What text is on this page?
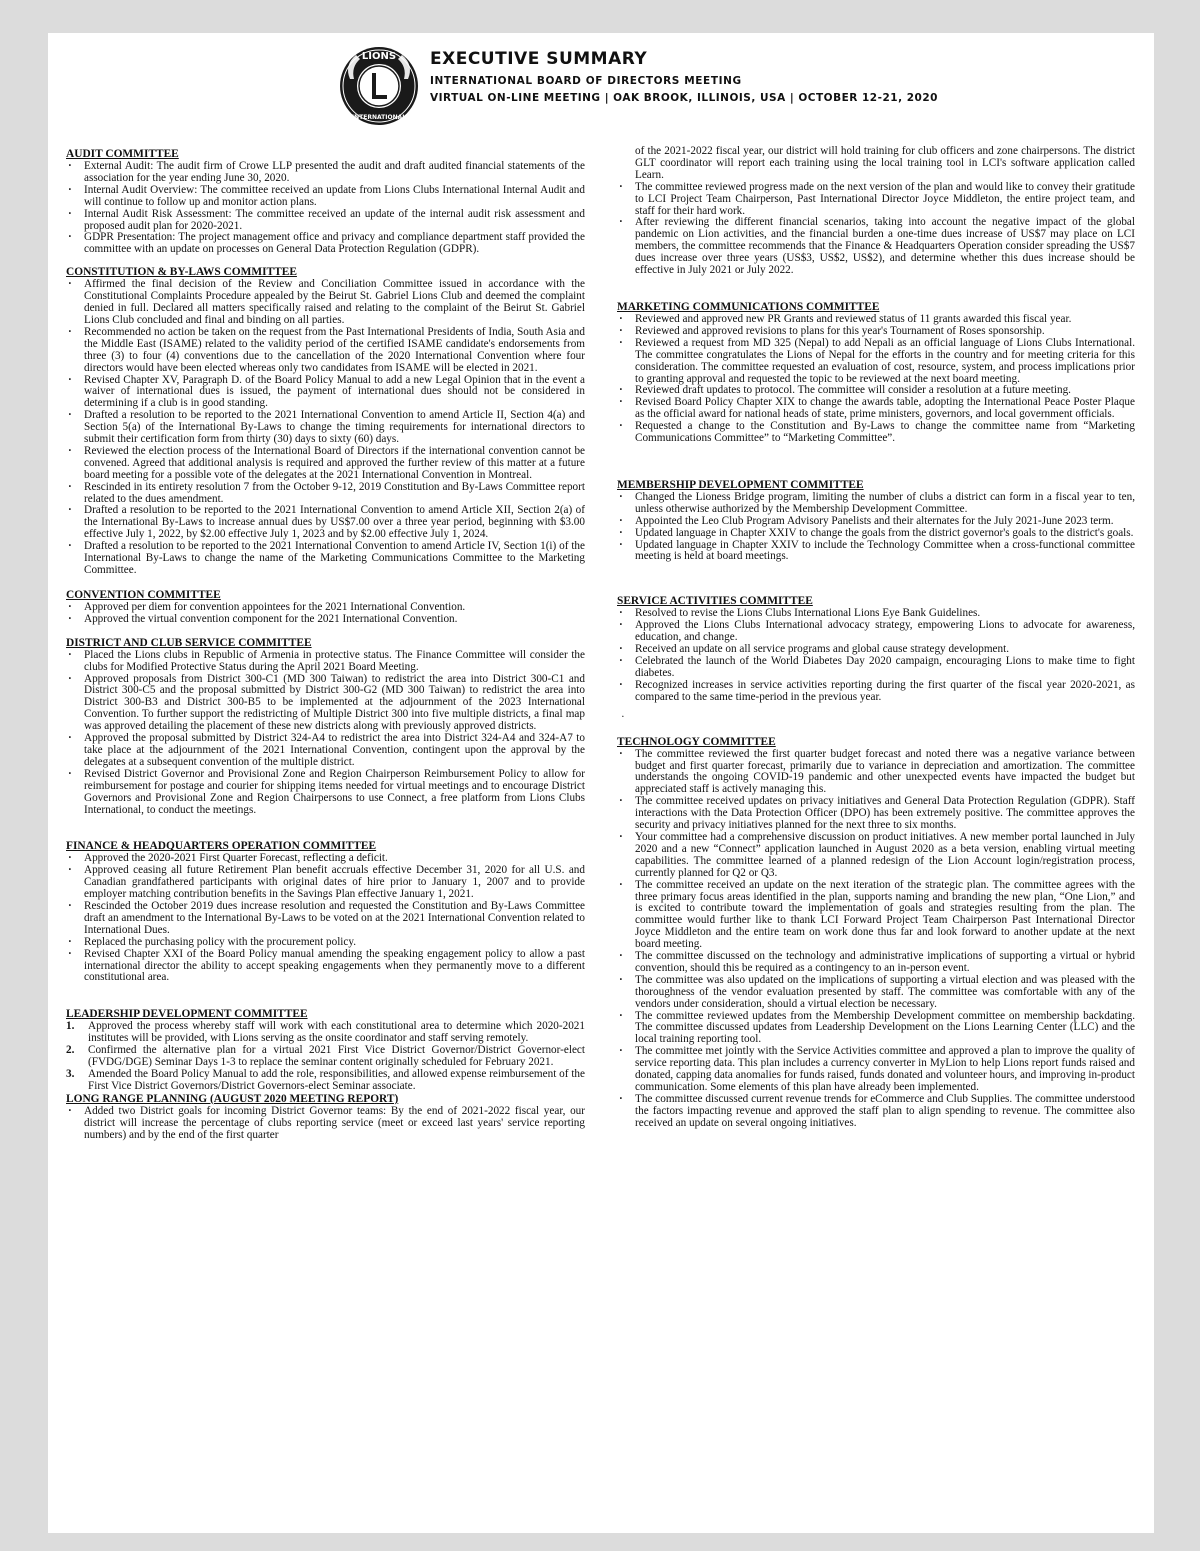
LIONS
INTERNATIONAL
EXECUTIVE SUMMARY
INTERNATIONAL BOARD OF DIRECTORS MEETING
VIRTUAL ON-LINE MEETING | OAK BROOK, ILLINOIS, USA | OCTOBER 12-21, 2020
AUDIT COMMITTEE
· External Audit: The audit firm of Crowe LLP presented the audit and draft audited financial statements of the association for the year ending June 30, 2020.
· Internal Audit Overview: The committee received an update from Lions Clubs International Internal Audit and will continue to follow up and monitor action plans.
· Internal Audit Risk Assessment: The committee received an update of the internal audit risk assessment and proposed audit plan for 2020-2021.
· GDPR Presentation: The project management office and privacy and compliance department staff provided the committee with an update on processes on General Data Protection Regulation (GDPR).
CONSTITUTION & BY-LAWS COMMITTEE
· Affirmed the final decision of the Review and Conciliation Committee issued in accordance with the Constitutional Complaints Procedure appealed by the Beirut St. Gabriel Lions Club and deemed the complaint denied in full. Declared all matters specifically raised and relating to the complaint of the Beirut St. Gabriel Lions Club concluded and final and binding on all parties.
· Recommended no action be taken on the request from the Past International Presidents of India, South Asia and the Middle East (ISAME) related to the validity period of the certified ISAME candidate's endorsements from three (3) to four (4) conventions due to the cancellation of the 2020 International Convention where four directors would have been elected whereas only two candidates from ISAME will be elected in 2021.
· Revised Chapter XV, Paragraph D. of the Board Policy Manual to add a new Legal Opinion that in the event a waiver of international dues is issued, the payment of international dues should not be considered in determining if a club is in good standing.
· Drafted a resolution to be reported to the 2021 International Convention to amend Article II, Section 4(a) and Section 5(a) of the International By-Laws to change the timing requirements for international directors to submit their certification form from thirty (30) days to sixty (60) days.
· Reviewed the election process of the International Board of Directors if the international convention cannot be convened. Agreed that additional analysis is required and approved the further review of this matter at a future board meeting for a possible vote of the delegates at the 2021 International Convention in Montreal.
· Rescinded in its entirety resolution 7 from the October 9-12, 2019 Constitution and By-Laws Committee report related to the dues amendment.
· Drafted a resolution to be reported to the 2021 International Convention to amend Article XII, Section 2(a) of the International By-Laws to increase annual dues by US$7.00 over a three year period, beginning with $3.00 effective July 1, 2022, by $2.00 effective July 1, 2023 and by $2.00 effective July 1, 2024.
· Drafted a resolution to be reported to the 2021 International Convention to amend Article IV, Section 1(i) of the International By-Laws to change the name of the Marketing Communications Committee to the Marketing Committee.
CONVENTION COMMITTEE
· Approved per diem for convention appointees for the 2021 International Convention.
· Approved the virtual convention component for the 2021 International Convention.
DISTRICT AND CLUB SERVICE COMMITTEE
· Placed the Lions clubs in Republic of Armenia in protective status. The Finance Committee will consider the clubs for Modified Protective Status during the April 2021 Board Meeting.
· Approved proposals from District 300-C1 (MD 300 Taiwan) to redistrict the area into District 300-C1 and District 300-C5 and the proposal submitted by District 300-G2 (MD 300 Taiwan) to redistrict the area into District 300-B3 and District 300-B5 to be implemented at the adjournment of the 2023 International Convention. To further support the redistricting of Multiple District 300 into five multiple districts, a final map was approved detailing the placement of these new districts along with previously approved districts.
· Approved the proposal submitted by District 324-A4 to redistrict the area into District 324-A4 and 324-A7 to take place at the adjournment of the 2021 International Convention, contingent upon the approval by the delegates at a subsequent convention of the multiple district.
· Revised District Governor and Provisional Zone and Region Chairperson Reimbursement Policy to allow for reimbursement for postage and courier for shipping items needed for virtual meetings and to encourage District Governors and Provisional Zone and Region Chairpersons to use Connect, a free platform from Lions Clubs International, to conduct the meetings.
FINANCE & HEADQUARTERS OPERATION COMMITTEE
· Approved the 2020-2021 First Quarter Forecast, reflecting a deficit.
· Approved ceasing all future Retirement Plan benefit accruals effective December 31, 2020 for all U.S. and Canadian grandfathered participants with original dates of hire prior to January 1, 2007 and to provide employer matching contribution benefits in the Savings Plan effective January 1, 2021.
· Rescinded the October 2019 dues increase resolution and requested the Constitution and By-Laws Committee draft an amendment to the International By-Laws to be voted on at the 2021 International Convention related to International Dues.
· Replaced the purchasing policy with the procurement policy.
· Revised Chapter XXI of the Board Policy manual amending the speaking engagement policy to allow a past international director the ability to accept speaking engagements when they permanently move to a different constitutional area.
LEADERSHIP DEVELOPMENT COMMITTEE
1. Approved the process whereby staff will work with each constitutional area to determine which 2020-2021 institutes will be provided, with Lions serving as the onsite coordinator and staff serving remotely.
2. Confirmed the alternative plan for a virtual 2021 First Vice District Governor/District Governor-elect (FVDG/DGE) Seminar Days 1-3 to replace the seminar content originally scheduled for February 2021.
3. Amended the Board Policy Manual to add the role, responsibilities, and allowed expense reimbursement of the First Vice District Governors/District Governors-elect Seminar associate.
LONG RANGE PLANNING (AUGUST 2020 MEETING REPORT)
· Added two District goals for incoming District Governor teams: By the end of 2021-2022 fiscal year, our district will increase the percentage of clubs reporting service (meet or exceed last years' service reporting numbers) and by the end of the first quarter
of the 2021-2022 fiscal year, our district will hold training for club officers and zone chairpersons. The district GLT coordinator will report each training using the local training tool in LCI's software application called Learn.
· The committee reviewed progress made on the next version of the plan and would like to convey their gratitude to LCI Project Team Chairperson, Past International Director Joyce Middleton, the entire project team, and staff for their hard work.
· After reviewing the different financial scenarios, taking into account the negative impact of the global pandemic on Lion activities, and the financial burden a one-time dues increase of US$7 may place on LCI members, the committee recommends that the Finance & Headquarters Operation consider spreading the US$7 dues increase over three years (US$3, US$2, US$2), and determine whether this dues increase should be effective in July 2021 or July 2022.
MARKETING COMMUNICATIONS COMMITTEE
· Reviewed and approved new PR Grants and reviewed status of 11 grants awarded this fiscal year.
· Reviewed and approved revisions to plans for this year's Tournament of Roses sponsorship.
· Reviewed a request from MD 325 (Nepal) to add Nepali as an official language of Lions Clubs International. The committee congratulates the Lions of Nepal for the efforts in the country and for meeting criteria for this consideration. The committee requested an evaluation of cost, resource, system, and process implications prior to granting approval and requested the topic to be reviewed at the next board meeting.
· Reviewed draft updates to protocol. The committee will consider a resolution at a future meeting.
· Revised Board Policy Chapter XIX to change the awards table, adopting the International Peace Poster Plaque as the official award for national heads of state, prime ministers, governors, and local government officials.
· Requested a change to the Constitution and By-Laws to change the committee name from “Marketing Communications Committee” to “Marketing Committee”.
MEMBERSHIP DEVELOPMENT COMMITTEE
· Changed the Lioness Bridge program, limiting the number of clubs a district can form in a fiscal year to ten, unless otherwise authorized by the Membership Development Committee.
· Appointed the Leo Club Program Advisory Panelists and their alternates for the July 2021-June 2023 term.
· Updated language in Chapter XXIV to change the goals from the district governor's goals to the district's goals.
· Updated language in Chapter XXIV to include the Technology Committee when a cross-functional committee meeting is held at board meetings.
SERVICE ACTIVITIES COMMITTEE
· Resolved to revise the Lions Clubs International Lions Eye Bank Guidelines.
· Approved the Lions Clubs International advocacy strategy, empowering Lions to advocate for awareness, education, and change.
· Received an update on all service programs and global cause strategy development.
· Celebrated the launch of the World Diabetes Day 2020 campaign, encouraging Lions to make time to fight diabetes.
· Recognized increases in service activities reporting during the first quarter of the fiscal year 2020-2021, as compared to the same time-period in the previous year.
·
TECHNOLOGY COMMITTEE
· The committee reviewed the first quarter budget forecast and noted there was a negative variance between budget and first quarter forecast, primarily due to variance in depreciation and amortization. The committee understands the ongoing COVID-19 pandemic and other unexpected events have impacted the budget but appreciated staff is actively managing this.
· The committee received updates on privacy initiatives and General Data Protection Regulation (GDPR). Staff interactions with the Data Protection Officer (DPO) has been extremely positive. The committee approves the security and privacy initiatives planned for the next three to six months.
· Your committee had a comprehensive discussion on product initiatives. A new member portal launched in July 2020 and a new “Connect” application launched in August 2020 as a beta version, enabling virtual meeting capabilities. The committee learned of a planned redesign of the Lion Account login/registration process, currently planned for Q2 or Q3.
· The committee received an update on the next iteration of the strategic plan. The committee agrees with the three primary focus areas identified in the plan, supports naming and branding the new plan, “One Lion,” and is excited to contribute toward the implementation of goals and strategies resulting from the plan. The committee would further like to thank LCI Forward Project Team Chairperson Past International Director Joyce Middleton and the entire team on work done thus far and look forward to another update at the next board meeting.
· The committee discussed on the technology and administrative implications of supporting a virtual or hybrid convention, should this be required as a contingency to an in-person event.
· The committee was also updated on the implications of supporting a virtual election and was pleased with the thoroughness of the vendor evaluation presented by staff. The committee was comfortable with any of the vendors under consideration, should a virtual election be necessary.
· The committee reviewed updates from the Membership Development committee on membership backdating. The committee discussed updates from Leadership Development on the Lions Learning Center (LLC) and the local training reporting tool.
· The committee met jointly with the Service Activities committee and approved a plan to improve the quality of service reporting data. This plan includes a currency converter in MyLion to help Lions report funds raised and donated, capping data anomalies for funds raised, funds donated and volunteer hours, and improving in-product communication. Some elements of this plan have already been implemented.
· The committee discussed current revenue trends for eCommerce and Club Supplies. The committee understood the factors impacting revenue and approved the staff plan to align spending to revenue. The committee also received an update on several ongoing initiatives.
